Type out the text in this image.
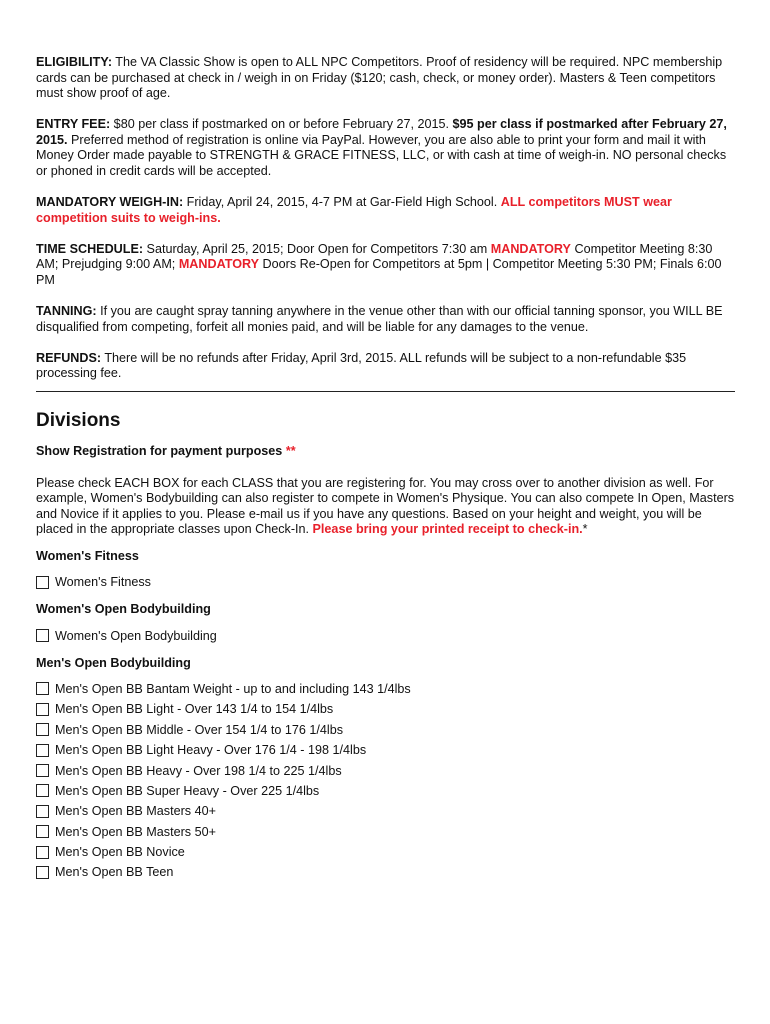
ELIGIBILITY: The VA Classic Show is open to ALL NPC Competitors. Proof of residency will be required. NPC membership cards can be purchased at check in / weigh in on Friday ($120; cash, check, or money order). Masters & Teen competitors must show proof of age.

ENTRY FEE: $80 per class if postmarked on or before February 27, 2015. $95 per class if postmarked after February 27, 2015. Preferred method of registration is online via PayPal. However, you are also able to print your form and mail it with Money Order made payable to STRENGTH & GRACE FITNESS, LLC, or with cash at time of weigh-in. NO personal checks or phoned in credit cards will be accepted.

MANDATORY WEIGH-IN: Friday, April 24, 2015, 4-7 PM at Gar-Field High School. ALL competitors MUST wear competition suits to weigh-ins.

TIME SCHEDULE: Saturday, April 25, 2015; Door Open for Competitors 7:30 am MANDATORY Competitor Meeting 8:30 AM; Prejudging 9:00 AM; MANDATORY Doors Re-Open for Competitors at 5pm | Competitor Meeting 5:30 PM; Finals 6:00 PM

TANNING: If you are caught spray tanning anywhere in the venue other than with our official tanning sponsor, you WILL BE disqualified from competing, forfeit all monies paid, and will be liable for any damages to the venue.

REFUNDS: There will be no refunds after Friday, April 3rd, 2015. ALL refunds will be subject to a non-refundable $35 processing fee.

Divisions

Show Registration for payment purposes **

Please check EACH BOX for each CLASS that you are registering for. You may cross over to another division as well. For example, Women's Bodybuilding can also register to compete in Women's Physique. You can also compete In Open, Masters and Novice if it applies to you. Please e-mail us if you have any questions. Based on your height and weight, you will be placed in the appropriate classes upon Check-In. Please bring your printed receipt to check-in.*

Women's Fitness
Women's Fitness
Women's Open Bodybuilding
Women's Open Bodybuilding
Men's Open Bodybuilding
Men's Open BB Bantam Weight - up to and including 143 1/4lbs
Men's Open BB Light - Over 143 1/4 to 154 1/4lbs
Men's Open BB Middle - Over 154 1/4 to 176 1/4lbs
Men's Open BB Light Heavy - Over 176 1/4 - 198 1/4lbs
Men's Open BB Heavy - Over 198 1/4 to 225 1/4lbs
Men's Open BB Super Heavy - Over 225 1/4lbs
Men's Open BB Masters 40+
Men's Open BB Masters 50+
Men's Open BB Novice
Men's Open BB Teen
